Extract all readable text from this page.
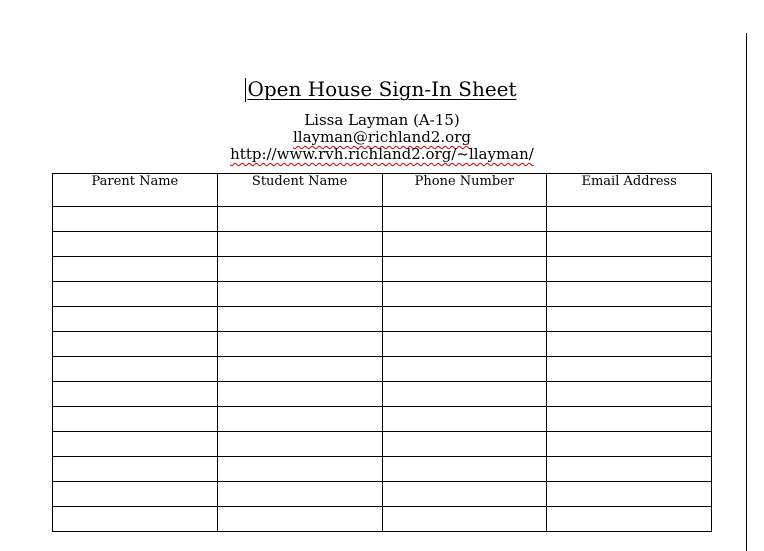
Open House Sign-In Sheet
Lissa Layman (A-15)
llayman@richland2.org
http://www.rvh.richland2.org/~llayman/
Parent Name	Student Name	Phone Number	Email Address
